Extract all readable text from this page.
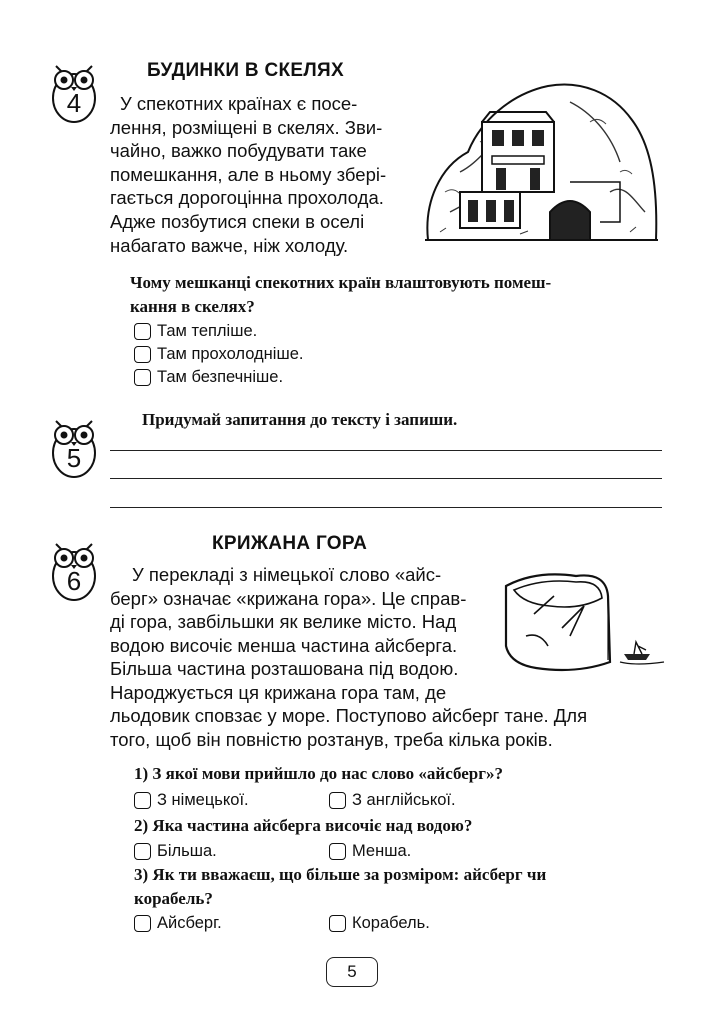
4
БУДИНКИ В СКЕЛЯХ
У спекотних країнах є посе-
лення, розміщені в скелях. Зви-
чайно, важко побудувати таке
помешкання, але в ньому збері-
гається дорогоцінна прохолода.
Адже позбутися спеки в оселі
набагато важче, ніж холоду.
Чому мешканці спекотних країн влаштовують помеш-
кання в скелях?
Там тепліше.
Там прохолодніше.
Там безпечніше.
5
Придумай запитання до тексту і запиши.
6
КРИЖАНА ГОРА
У перекладі з німецької слово «айс-
берг» означає «крижана гора». Це справ-
ді гора, завбільшки як велике місто. Над
водою височіє менша частина айсберга.
Більша частина розташована під водою.
Народжується ця крижана гора там, де
льодовик сповзає у море. Поступово айсберг тане. Для
того, щоб він повністю розтанув, треба кілька років.
1) З якої мови прийшло до нас слово «айсберг»?
З німецької.	З англійської.
2) Яка частина айсберга височіє над водою?
Більша.	Менша.
3) Як ти вважаєш, що більше за розміром: айсберг чи
корабель?
Айсберг.	Корабель.
5
